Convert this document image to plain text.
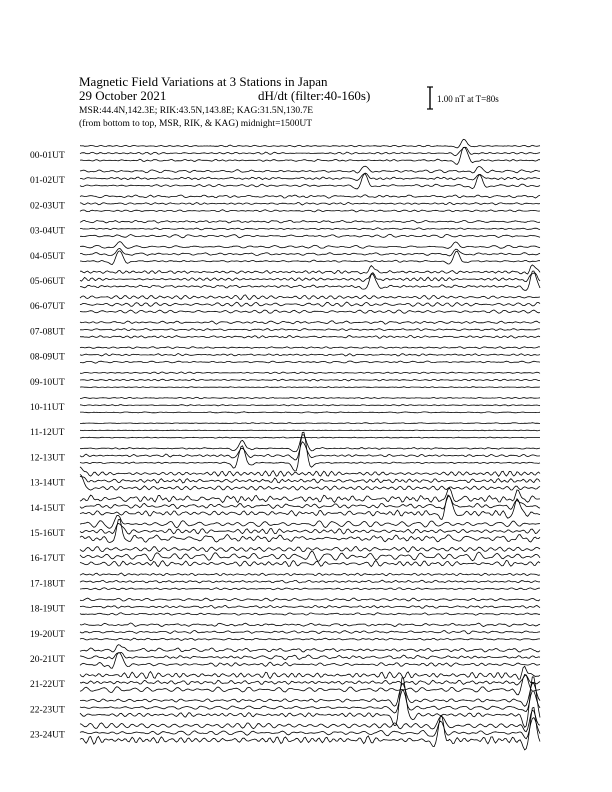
Magnetic Field Variations at 3 Stations in Japan
29 October 2021	dH/dt (filter:40-160s)
MSR:44.4N,142.3E; RIK:43.5N,143.8E; KAG:31.5N,130.7E
(from bottom to top, MSR, RIK, & KAG) midnight=1500UT
1.00 nT at T=80s
00-01UT
01-02UT
02-03UT
03-04UT
04-05UT
05-06UT
06-07UT
07-08UT
08-09UT
09-10UT
10-11UT
11-12UT
12-13UT
13-14UT
14-15UT
15-16UT
16-17UT
17-18UT
18-19UT
19-20UT
20-21UT
21-22UT
22-23UT
23-24UT
